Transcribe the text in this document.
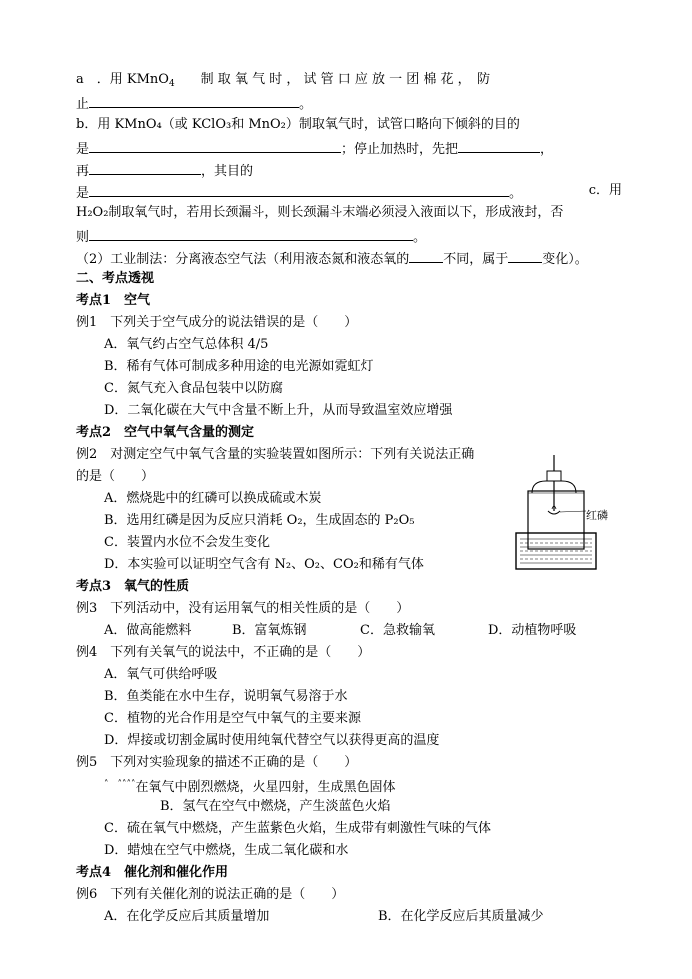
a　．用 KMnO$_4$　　制 取 氧 气 时 ， 试 管 口 应 放 一 团 棉 花 ，　防
止	。
b．用 KMnO₄（或 KClO₃和 MnO₂）制取氧气时，试管口略向下倾斜的目的
是	；停止加热时，先把	，
再	，其目的
是	。	c．用
H₂O₂制取氧气时，若用长颈漏斗，则长颈漏斗末端必须浸入液面以下，形成液封，否
则	。
（2）工业制法：分离液态空气法（利用液态氮和液态氧的	不同，属于	变化）。
二、考点透视
考点1　空气
例1　下列关于空气成分的说法错误的是（　　）
A．氧气约占空气总体积 4/5
B．稀有气体可制成多种用途的电光源如霓虹灯
C．氮气充入食品包装中以防腐
D．二氧化碳在大气中含量不断上升，从而导致温室效应增强
考点2　空气中氧气含量的测定
例2　对测定空气中氧气含量的实验装置如图所示：下列有关说法正确
的是（　　）
A．燃烧匙中的红磷可以换成硫或木炭
B．选用红磷是因为反应只消耗 O₂，生成固态的 P₂O₅
C．装置内水位不会发生变化
D．本实验可以证明空气含有 N₂、O₂、CO₂和稀有气体
红磷
考点3　氧气的性质
例3　下列活动中，没有运用氧气的相关性质的是（　　）
A．做高能燃料	B．富氧炼钢	C．急救输氧	D．动植物呼吸
例4　下列有关氧气的说法中，不正确的是（　　）
A．氧气可供给呼吸
B．鱼类能在水中生存，说明氧气易溶于水
C．植物的光合作用是空气中氧气的主要来源
D．焊接或切割金属时使用纯氧代替空气以获得更高的温度
例5　下列对实验现象的描述不正确的是（　　）
˄　˄˄˄˄在氧气中剧烈燃烧，火星四射，生成黑色固体
B．氢气在空气中燃烧，产生淡蓝色火焰
C．硫在氧气中燃烧，产生蓝紫色火焰，生成带有刺激性气味的气体
D．蜡烛在空气中燃烧，生成二氧化碳和水
考点4　催化剂和催化作用
例6　下列有关催化剂的说法正确的是（　　）
A．在化学反应后其质量增加	B．在化学反应后其质量减少
